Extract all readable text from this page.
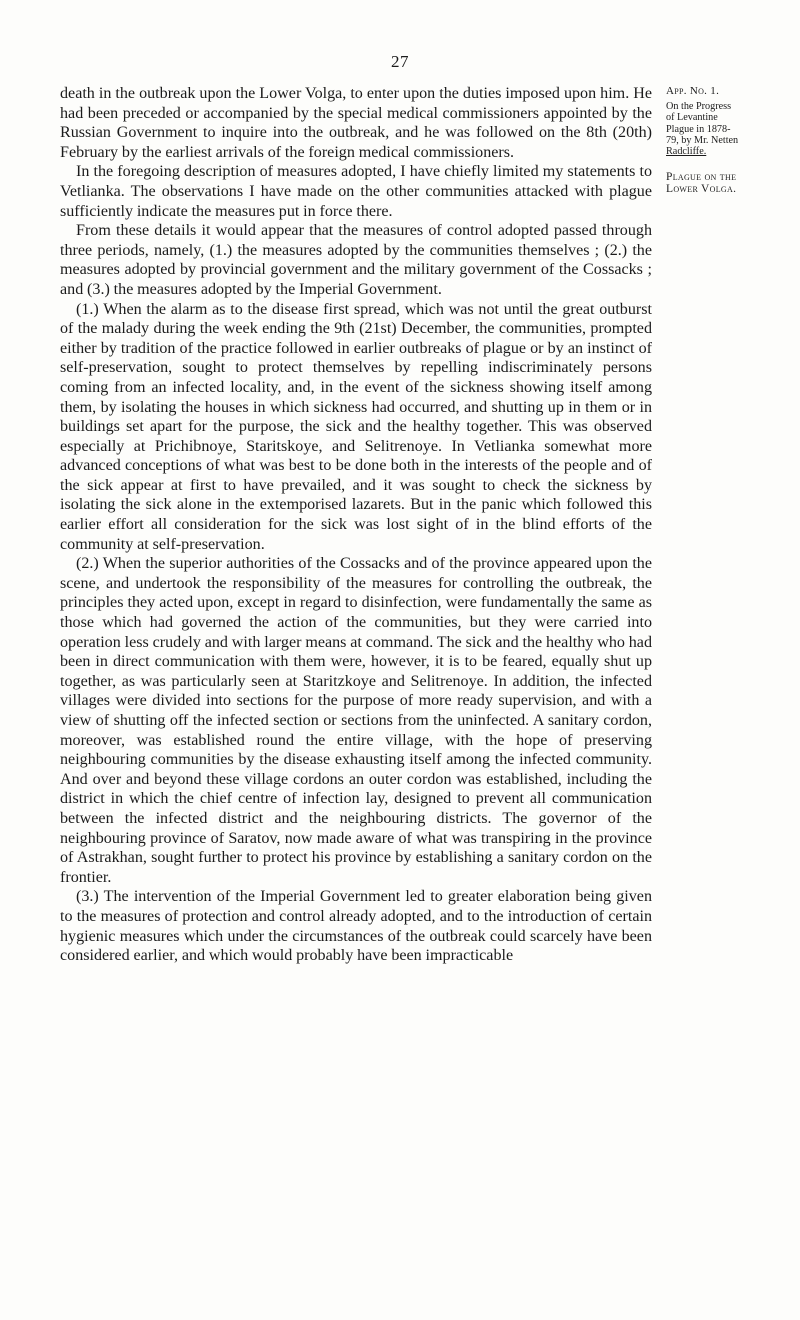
27

death in the outbreak upon the Lower Volga, to enter upon the duties imposed upon him. He had been preceded or accompanied by the special medical commissioners appointed by the Russian Government to inquire into the outbreak, and he was followed on the 8th (20th) February by the earliest arrivals of the foreign medical commissioners.

In the foregoing description of measures adopted, I have chiefly limited my statements to Vetlianka. The observations I have made on the other communities attacked with plague sufficiently indicate the measures put in force there.

From these details it would appear that the measures of control adopted passed through three periods, namely, (1.) the measures adopted by the communities themselves ; (2.) the measures adopted by provincial government and the military government of the Cossacks ; and (3.) the measures adopted by the Imperial Government.

(1.) When the alarm as to the disease first spread, which was not until the great outburst of the malady during the week ending the 9th (21st) December, the communities, prompted either by tradition of the practice followed in earlier outbreaks of plague or by an instinct of self-preservation, sought to protect themselves by repelling indiscriminately persons coming from an infected locality, and, in the event of the sickness showing itself among them, by isolating the houses in which sickness had occurred, and shutting up in them or in buildings set apart for the purpose, the sick and the healthy together. This was observed especially at Prichibnoye, Staritskoye, and Selitrenoye. In Vetlianka somewhat more advanced conceptions of what was best to be done both in the interests of the people and of the sick appear at first to have prevailed, and it was sought to check the sickness by isolating the sick alone in the extemporised lazarets. But in the panic which followed this earlier effort all consideration for the sick was lost sight of in the blind efforts of the community at self-preservation.

(2.) When the superior authorities of the Cossacks and of the province appeared upon the scene, and undertook the responsibility of the measures for controlling the outbreak, the principles they acted upon, except in regard to disinfection, were fundamentally the same as those which had governed the action of the communities, but they were carried into operation less crudely and with larger means at command. The sick and the healthy who had been in direct communication with them were, however, it is to be feared, equally shut up together, as was particularly seen at Staritzkoye and Selitrenoye. In addition, the infected villages were divided into sections for the purpose of more ready supervision, and with a view of shutting off the infected section or sections from the uninfected. A sanitary cordon, moreover, was established round the entire village, with the hope of preserving neighbouring communities by the disease exhausting itself among the infected community. And over and beyond these village cordons an outer cordon was established, including the district in which the chief centre of infection lay, designed to prevent all communication between the infected district and the neighbouring districts. The governor of the neighbouring province of Saratov, now made aware of what was transpiring in the province of Astrakhan, sought further to protect his province by establishing a sanitary cordon on the frontier.

(3.) The intervention of the Imperial Government led to greater elaboration being given to the measures of protection and control already adopted, and to the introduction of certain hygienic measures which under the circumstances of the outbreak could scarcely have been considered earlier, and which would probably have been impracticable

App. No. 1.
On the Progress
of Levantine
Plague in 1878-
79, by Mr. Netten
Radcliffe.
Plague on the
Lower Volga.
